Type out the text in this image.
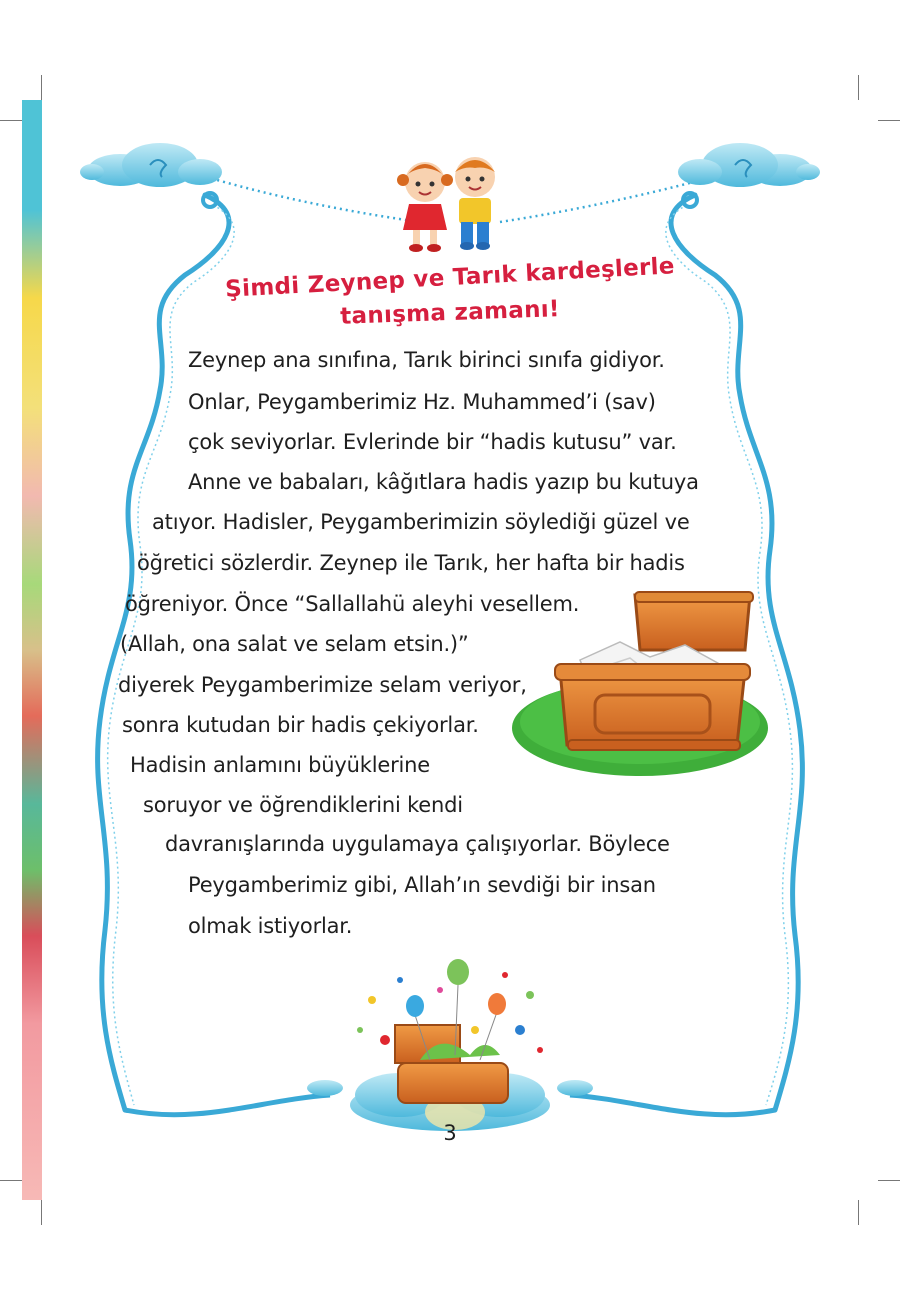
Şimdi Zeynep ve Tarık kardeşlerle
tanışma zamanı!
Zeynep ana sınıfına, Tarık birinci sınıfa gidiyor.
Onlar, Peygamberimiz Hz. Muhammed’i (sav)
çok seviyorlar. Evlerinde bir “hadis kutusu” var.
Anne ve babaları, kâğıtlara hadis yazıp bu kutuya
atıyor. Hadisler, Peygamberimizin söylediği güzel ve
öğretici sözlerdir. Zeynep ile Tarık, her hafta bir hadis
öğreniyor. Önce “Sallallahü aleyhi vesellem.
(Allah, ona salat ve selam etsin.)”
diyerek Peygamberimize selam veriyor,
sonra kutudan bir hadis çekiyorlar.
Hadisin anlamını büyüklerine
soruyor ve öğrendiklerini kendi
davranışlarında uygulamaya çalışıyorlar. Böylece
Peygamberimiz gibi, Allah’ın sevdiği bir insan
olmak istiyorlar.
3
